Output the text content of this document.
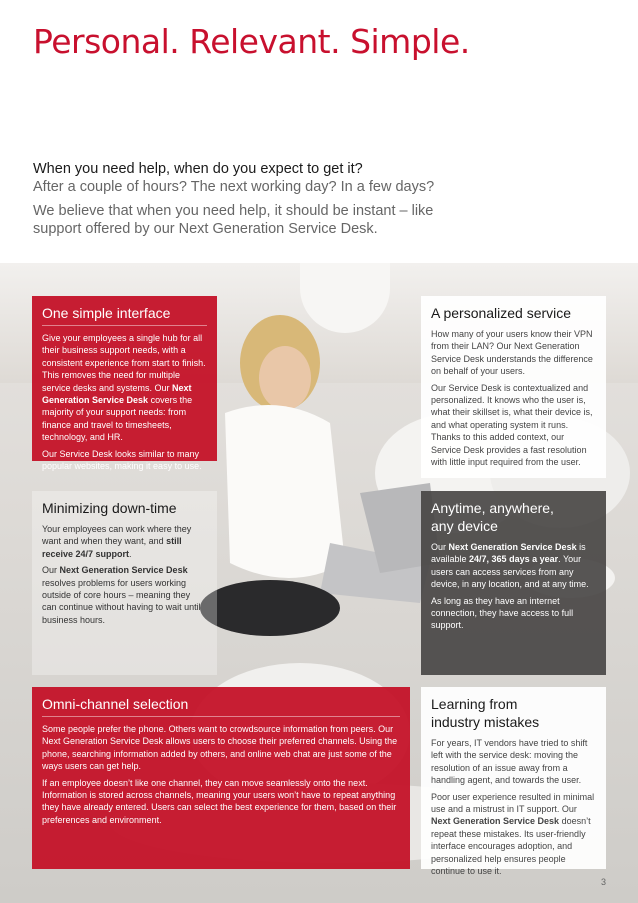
Personal. Relevant. Simple.

When you need help, when do you expect to get it?

After a couple of hours? The next working day? In a few days?

We believe that when you need help, it should be instant – like support offered by our Next Generation Service Desk.

One simple interface

Give your employees a single hub for all their business support needs, with a consistent experience from start to finish. This removes the need for multiple service desks and systems. Our Next Generation Service Desk covers the majority of your support needs: from finance and travel to timesheets, technology, and HR.

Our Service Desk looks similar to many popular websites, making it easy to use.

A personalized service

How many of your users know their VPN from their LAN? Our Next Generation Service Desk understands the difference on behalf of your users.

Our Service Desk is contextualized and personalized. It knows who the user is, what their skillset is, what their device is, and what operating system it runs. Thanks to this added context, our Service Desk provides a fast resolution with little input required from the user.

Minimizing down-time

Your employees can work where they want and when they want, and still receive 24/7 support.

Our Next Generation Service Desk resolves problems for users working outside of core hours – meaning they can continue without having to wait until business hours.

Anytime, anywhere, any device

Our Next Generation Service Desk is available 24/7, 365 days a year. Your users can access services from any device, in any location, and at any time.

As long as they have an internet connection, they have access to full support.

Omni-channel selection

Some people prefer the phone. Others want to crowdsource information from peers. Our Next Generation Service Desk allows users to choose their preferred channels. Using the phone, searching information added by others, and online web chat are just some of the ways users can get help.

If an employee doesn’t like one channel, they can move seamlessly onto the next. Information is stored across channels, meaning your users won’t have to repeat anything they have already entered. Users can select the best experience for them, based on their preferences and environment.

Learning from industry mistakes

For years, IT vendors have tried to shift left with the service desk: moving the resolution of an issue away from a handling agent, and towards the user.

Poor user experience resulted in minimal use and a mistrust in IT support. Our Next Generation Service Desk doesn’t repeat these mistakes. Its user-friendly interface encourages adoption, and personalized help ensures people continue to use it.

3
